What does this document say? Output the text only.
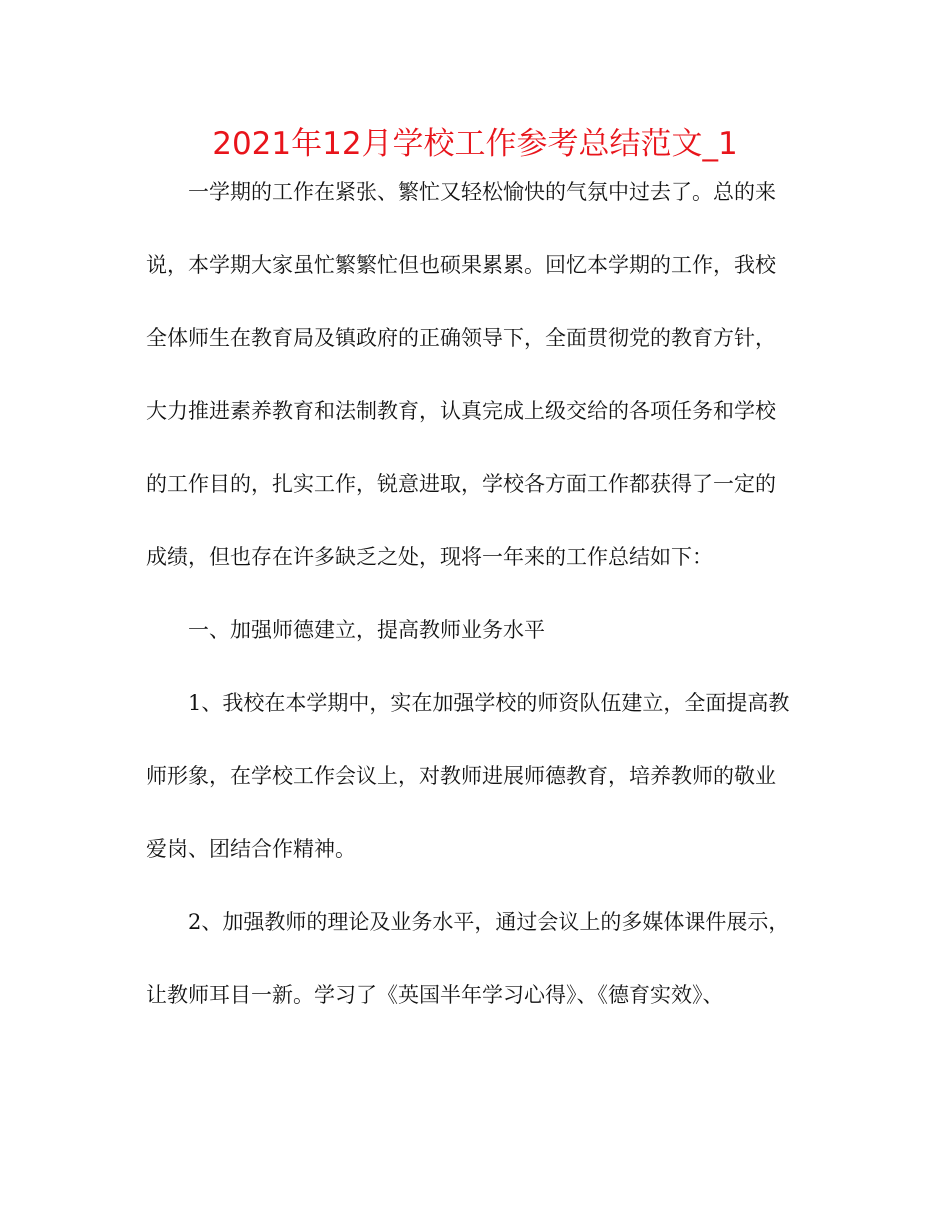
2021年12月学校工作参考总结范文_1
一学期的工作在紧张、繁忙又轻松愉快的气氛中过去了。总的来
说，本学期大家虽忙繁繁忙但也硕果累累。回忆本学期的工作，我校
全体师生在教育局及镇政府的正确领导下，全面贯彻党的教育方针，
大力推进素养教育和法制教育，认真完成上级交给的各项任务和学校
的工作目的，扎实工作，锐意进取，学校各方面工作都获得了一定的
成绩，但也存在许多缺乏之处，现将一年来的工作总结如下：
一、加强师德建立，提高教师业务水平
1、我校在本学期中，实在加强学校的师资队伍建立，全面提高教
师形象，在学校工作会议上，对教师进展师德教育，培养教师的敬业
爱岗、团结合作精神。
2、加强教师的理论及业务水平，通过会议上的多媒体课件展示，
让教师耳目一新。学习了《英国半年学习心得》、《德育实效》、
